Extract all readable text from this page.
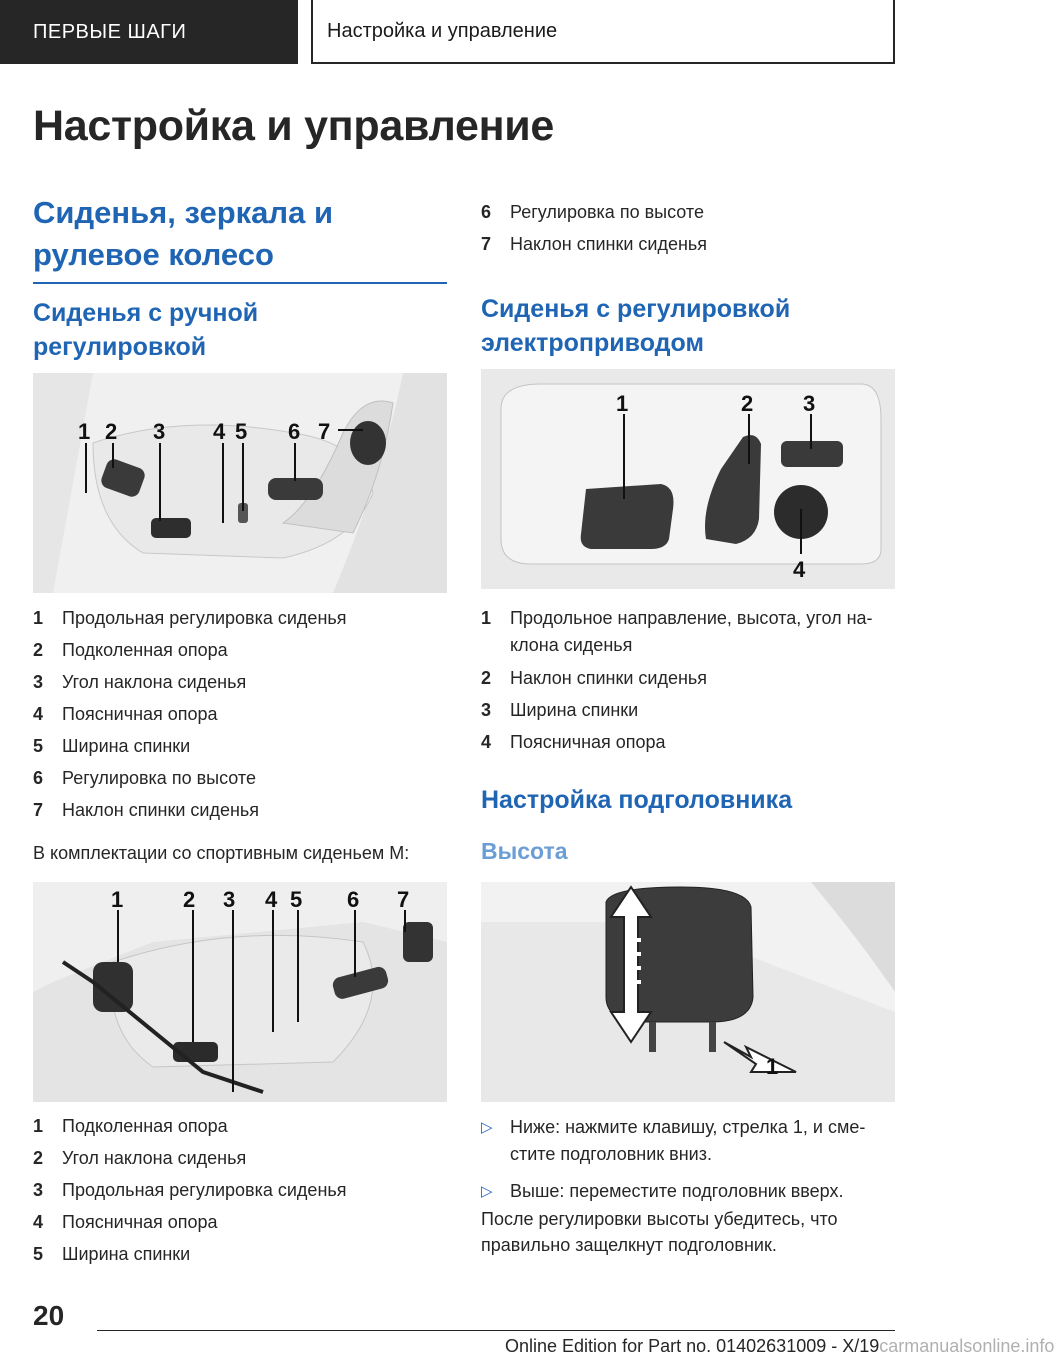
ПЕРВЫЕ ШАГИ	Настройка и управление
Настройка и управление
Сиденья, зеркала и рулевое колесо
Сиденья с ручной регулировкой
1 2 3 4 5 6 7
1 Продольная регулировка сиденья
2 Подколенная опора
3 Угол наклона сиденья
4 Поясничная опора
5 Ширина спинки
6 Регулировка по высоте
7 Наклон спинки сиденья

В комплектации со спортивным сиденьем M:

1	2 3 4 5 6 7
1 Подколенная опора
2 Угол наклона сиденья
3 Продольная регулировка сиденья
4 Поясничная опора
5 Ширина спинки
6 Регулировка по высоте
7 Наклон спинки сиденья
Сиденья с регулировкой электроприводом
1	2 3
4
1 Продольное направление, высота, угол наклона сиденья
2 Наклон спинки сиденья
3 Ширина спинки
4 Поясничная опора
Настройка подголовника
Высота
1
▷ Ниже: нажмите клавишу, стрелка 1, и сместите подголовник вниз.
▷ Выше: переместите подголовник вверх.

После регулировки высоты убедитесь, что правильно защелкнут подголовник.

20
Online Edition for Part no. 01402631009 - X/19carmanualsonline.info
